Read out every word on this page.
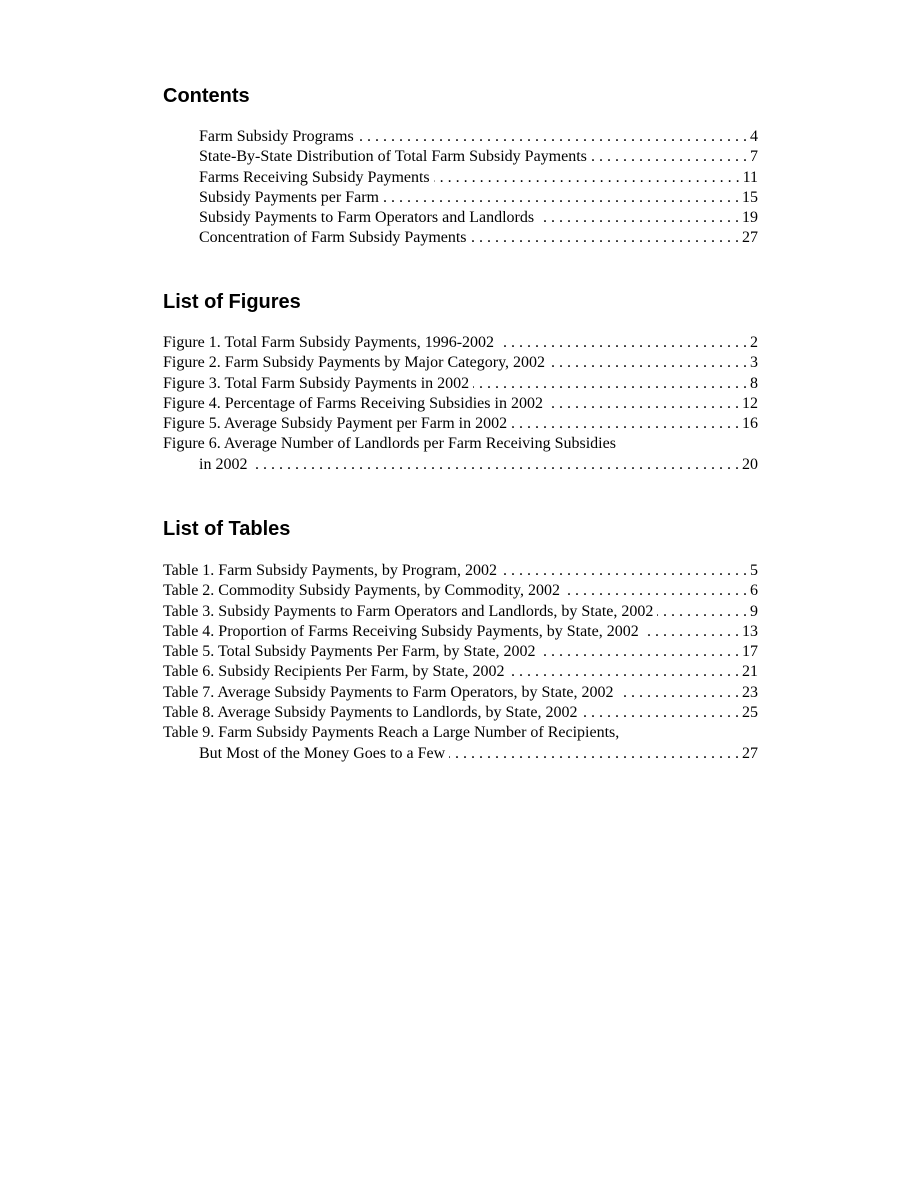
Contents
Farm Subsidy Programs . . .	4
State-By-State Distribution of Total Farm Subsidy Payments . . .	7
Farms Receiving Subsidy Payments . . .	11
Subsidy Payments per Farm . . .	15
Subsidy Payments to Farm Operators and Landlords . . .	19
Concentration of Farm Subsidy Payments . . .	27
List of Figures
Figure 1. Total Farm Subsidy Payments, 1996-2002 . . .	2
Figure 2. Farm Subsidy Payments by Major Category, 2002 . . .	3
Figure 3. Total Farm Subsidy Payments in 2002 . . .	8
Figure 4. Percentage of Farms Receiving Subsidies in 2002 . . .	12
Figure 5. Average Subsidy Payment per Farm in 2002 . . .	16
Figure 6. Average Number of Landlords per Farm Receiving Subsidies
in 2002 . . .	20
List of Tables
Table 1. Farm Subsidy Payments, by Program, 2002 . . .	5
Table 2. Commodity Subsidy Payments, by Commodity, 2002 . . .	6
Table 3. Subsidy Payments to Farm Operators and Landlords, by State, 2002 . . .	9
Table 4. Proportion of Farms Receiving Subsidy Payments, by State, 2002 . . .	13
Table 5. Total Subsidy Payments Per Farm, by State, 2002 . . .	17
Table 6. Subsidy Recipients Per Farm, by State, 2002 . . .	21
Table 7. Average Subsidy Payments to Farm Operators, by State, 2002 . . .	23
Table 8. Average Subsidy Payments to Landlords, by State, 2002 . . .	25
Table 9. Farm Subsidy Payments Reach a Large Number of Recipients,
But Most of the Money Goes to a Few . . .	27
